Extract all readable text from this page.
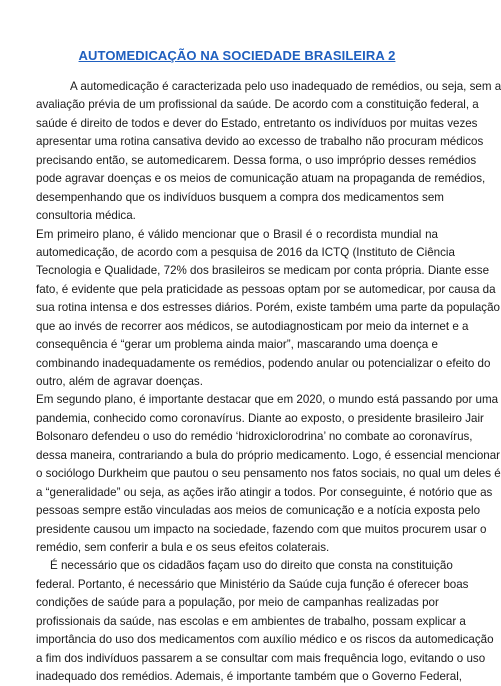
AUTOMEDICAÇÃO NA SOCIEDADE BRASILEIRA 2
A automedicação é caracterizada pelo uso inadequado de remédios, ou seja, sem a
avaliação prévia de um profissional da saúde. De acordo com a constituição federal, a
saúde é direito de todos e dever do Estado, entretanto os indivíduos por muitas vezes
apresentar uma rotina cansativa devido ao excesso de trabalho não procuram médicos
precisando então, se automedicarem. Dessa forma, o uso impróprio desses remédios
pode agravar doenças e os meios de comunicação atuam na propaganda de remédios,
desempenhando que os indivíduos busquem a compra dos medicamentos sem
consultoria médica.
Em primeiro plano, é válido mencionar que o Brasil é o recordista mundial na
automedicação, de acordo com a pesquisa de 2016 da ICTQ (Instituto de Ciência
Tecnologia e Qualidade, 72% dos brasileiros se medicam por conta própria. Diante esse
fato, é evidente que pela praticidade as pessoas optam por se automedicar, por causa da
sua rotina intensa e dos estresses diários. Porém, existe também uma parte da população
que ao invés de recorrer aos médicos, se autodiagnosticam por meio da internet e a
consequência é “gerar um problema ainda maior”, mascarando uma doença e
combinando inadequadamente os remédios, podendo anular ou potencializar o efeito do
outro, além de agravar doenças.
Em segundo plano, é importante destacar que em 2020, o mundo está passando por uma
pandemia, conhecido como coronavírus. Diante ao exposto, o presidente brasileiro Jair
Bolsonaro defendeu o uso do remédio ‘hidroxiclorodrina’ no combate ao coronavírus,
dessa maneira, contrariando a bula do próprio medicamento. Logo, é essencial mencionar
o sociólogo Durkheim que pautou o seu pensamento nos fatos sociais, no qual um deles é
a “generalidade” ou seja, as ações irão atingir a todos. Por conseguinte, é notório que as
pessoas sempre estão vinculadas aos meios de comunicação e a notícia exposta pelo
presidente causou um impacto na sociedade, fazendo com que muitos procurem usar o
remédio, sem conferir a bula e os seus efeitos colaterais.
É necessário que os cidadãos façam uso do direito que consta na constituição
federal. Portanto, é necessário que Ministério da Saúde cuja função é oferecer boas
condições de saúde para a população, por meio de campanhas realizadas por
profissionais da saúde, nas escolas e em ambientes de trabalho, possam explicar a
importância do uso dos medicamentos com auxílio médico e os riscos da automedicação
a fim dos indivíduos passarem a se consultar com mais frequência logo, evitando o uso
inadequado dos remédios. Ademais, é importante também que o Governo Federal,
